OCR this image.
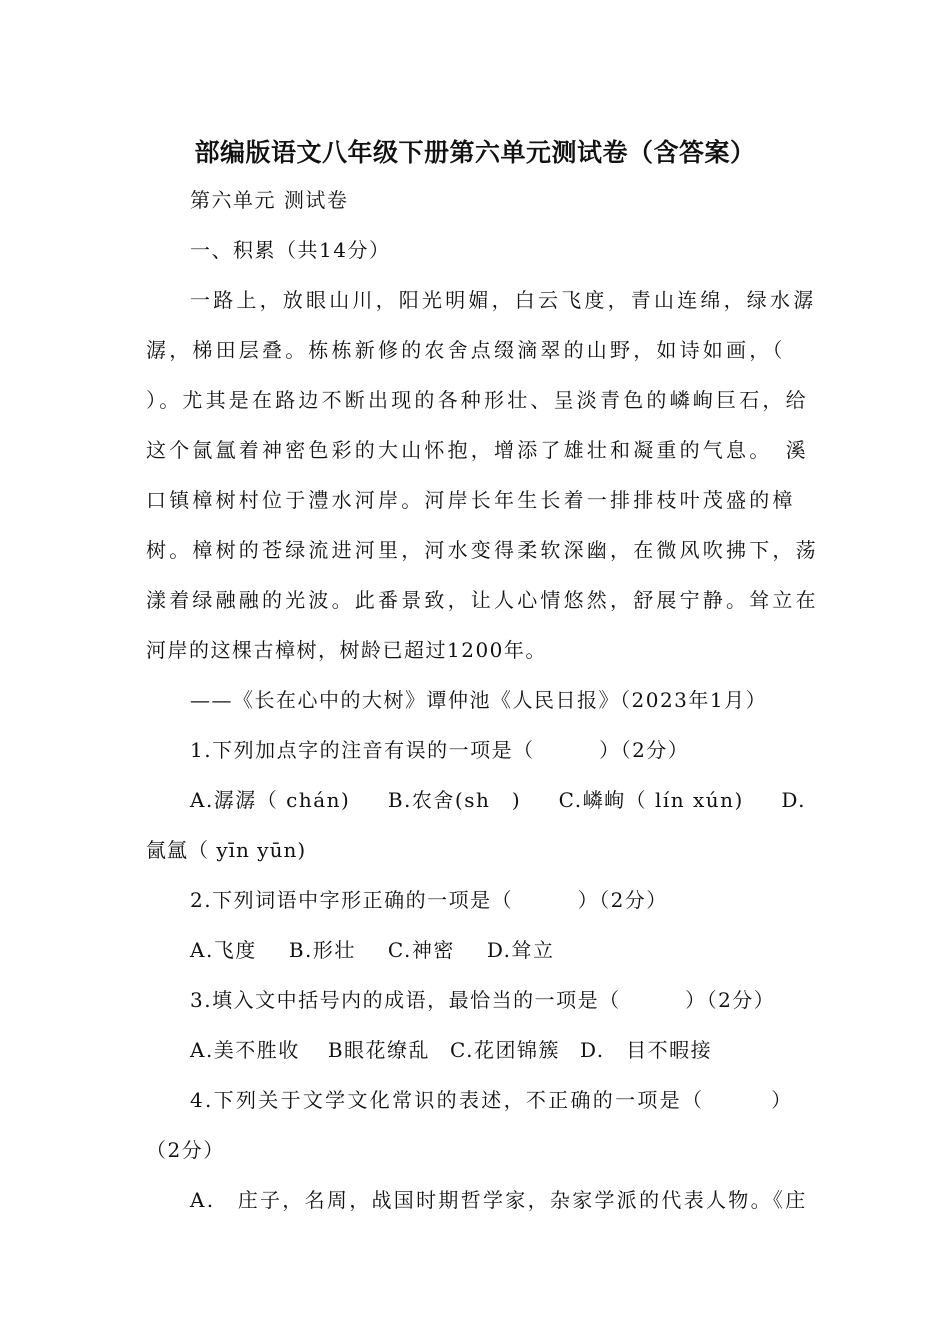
部编版语文八年级下册第六单元测试卷（含答案）
第六单元 测试卷
一、积累（共14分）
一路上，放眼山川，阳光明媚，白云飞度，青山连绵，绿水潺
潺，梯田层叠。栋栋新修的农舍点缀滴翠的山野，如诗如画，（
）。尤其是在路边不断出现的各种形壮、呈淡青色的嶙峋巨石，给
这个氤氲着神密色彩的大山怀抱，增添了雄壮和凝重的气息。　溪
口镇樟树村位于澧水河岸。河岸长年生长着一排排枝叶茂盛的樟
树。樟树的苍绿流进河里，河水变得柔软深幽，在微风吹拂下，荡
漾着绿融融的光波。此番景致，让人心情悠然，舒展宁静。耸立在
河岸的这棵古樟树，树龄已超过1200年。
——《长在心中的大树》谭仲池《人民日报》（2023年1月）
1.下列加点字的注音有误的一项是（　　　）（2分）
A.潺潺（ chán) B.农舍(sh　) C.嶙峋（ lín xún) D.
氤氲（ yīn yūn)
2.下列词语中字形正确的一项是（　　　）（2分）
A.飞度 B.形壮 C.神密 D.耸立
3.填入文中括号内的成语，最恰当的一项是（　　　）（2分）
A.美不胜收 B眼花缭乱 C.花团锦簇 D.　目不暇接
4.下列关于文学文化常识的表述，不正确的一项是（　　　）
（2分）
A.　庄子，名周，战国时期哲学家，杂家学派的代表人物。《庄
